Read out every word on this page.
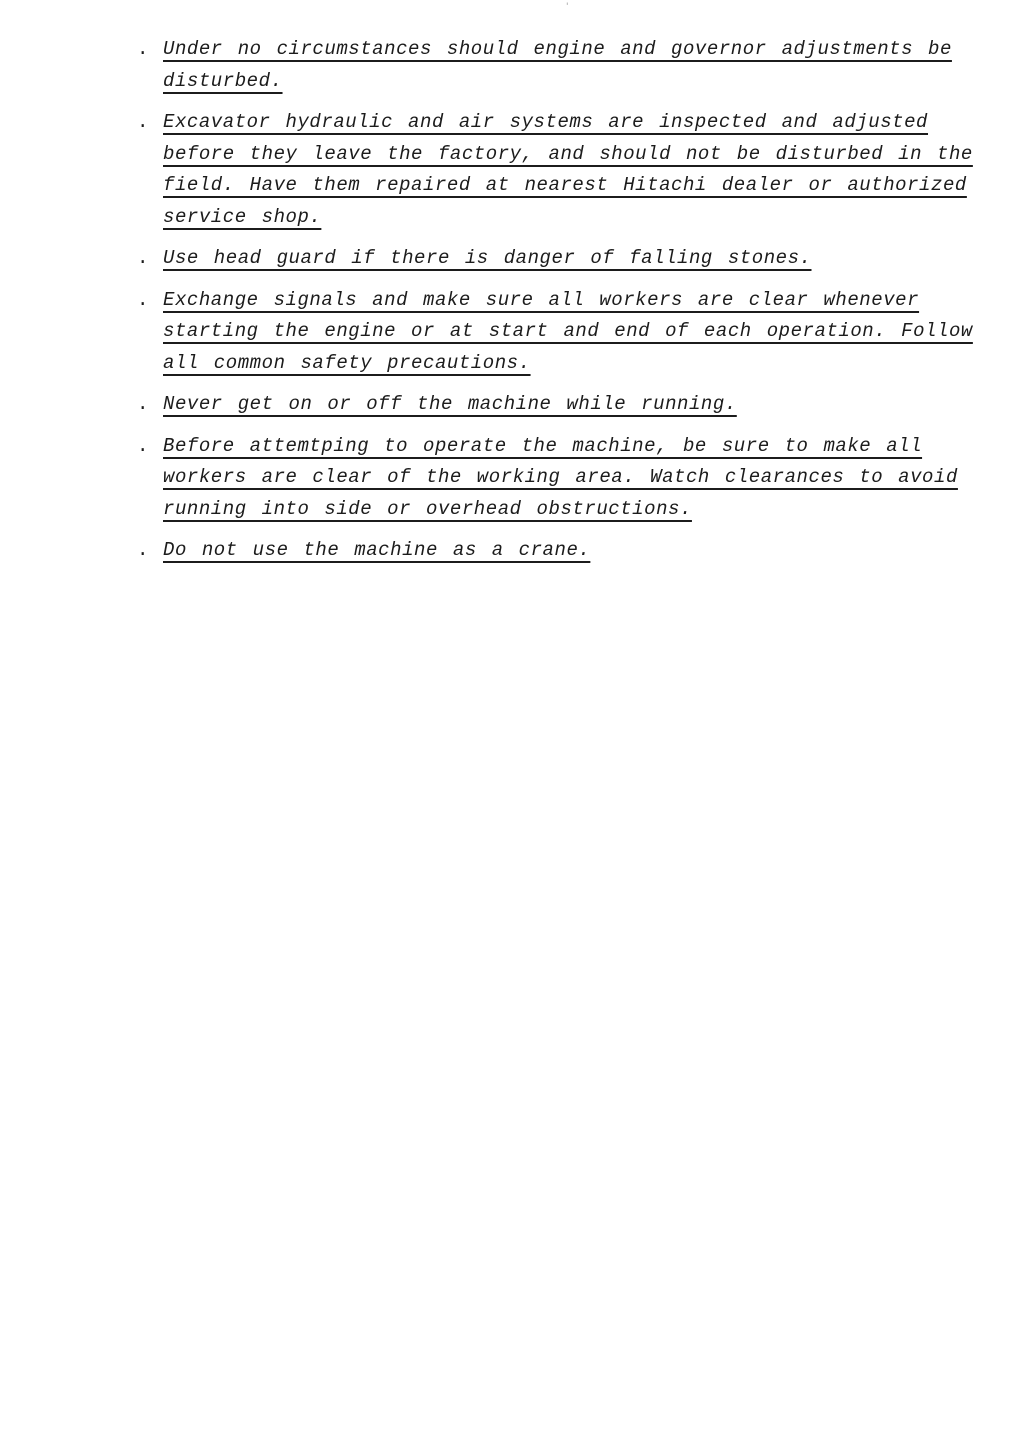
'
. Under no circumstances should engine and governor adjustments be disturbed.
. Excavator hydraulic and air systems are inspected and adjusted before they leave the factory, and should not be disturbed in the field. Have them repaired at nearest Hitachi dealer or authorized service shop.
. Use head guard if there is danger of falling stones.
. Exchange signals and make sure all workers are clear whenever starting the engine or at start and end of each operation. Follow all common safety precautions.
. Never get on or off the machine while running.
. Before attemtping to operate the machine, be sure to make all workers are clear of the working area. Watch clearances to avoid running into side or overhead obstructions.
. Do not use the machine as a crane.
